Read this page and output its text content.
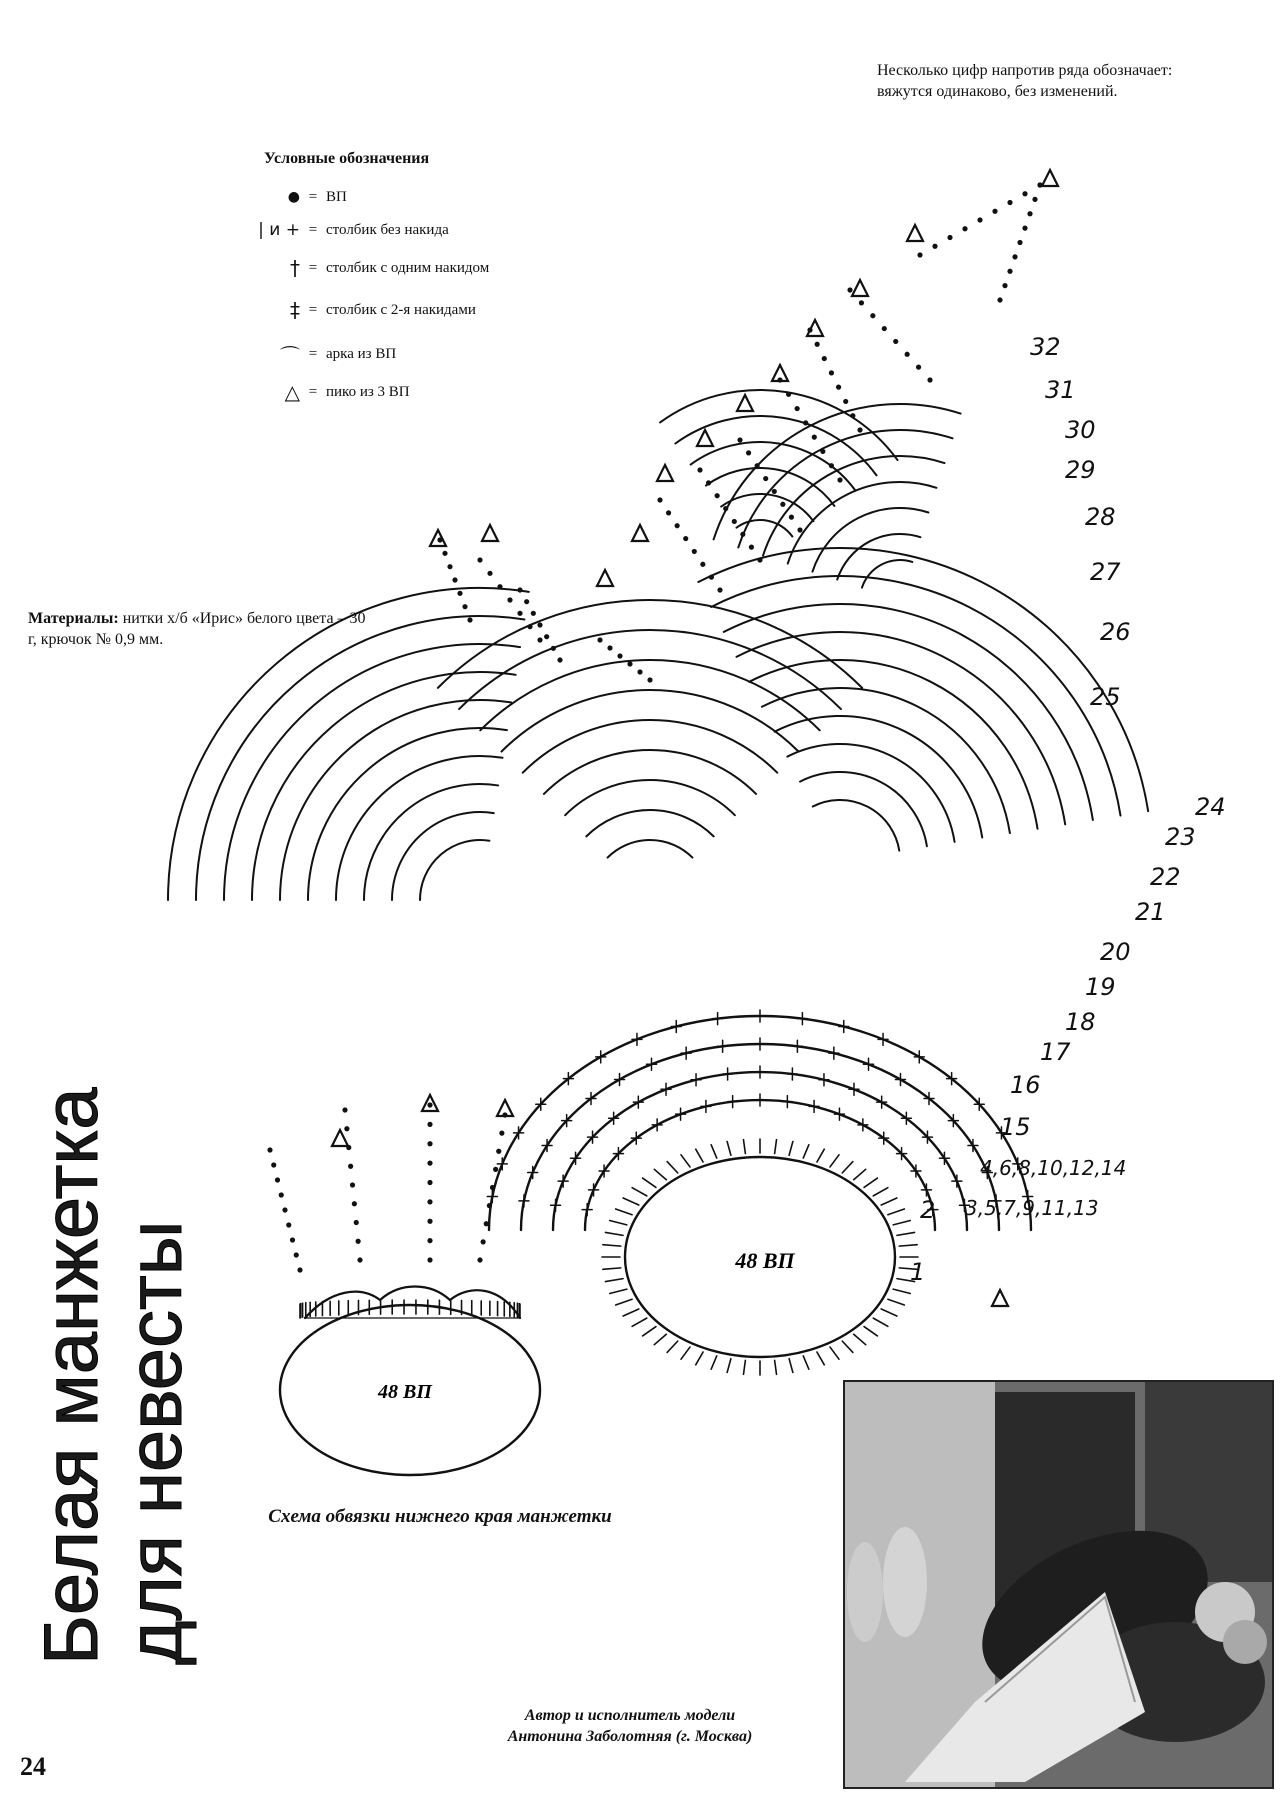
Несколько цифр напротив ряда обозначает: вяжутся одинаково, без изменений.
Условные обозначения
● = ВП
| и + = столбик без накида
† = столбик с одним накидом
‡ = столбик с 2-я накидами
⌒ = арка из ВП
△ = пико из 3 ВП
Материалы: нитки х/б «Ирис» белого цвета – 30 г, крючок № 0,9 мм.
48 ВП
48 ВП
32
31
30
29
28
27
26
25
24
23
22
21
20
19
18
17
16
15
4,6,8,10,12,14
3,5,7,9,11,13
2
1
Белая манжетка для невесты	Схема обвязки нижнего края манжетки
Автор и исполнитель модели
Антонина Заболотняя (г. Москва)
24
